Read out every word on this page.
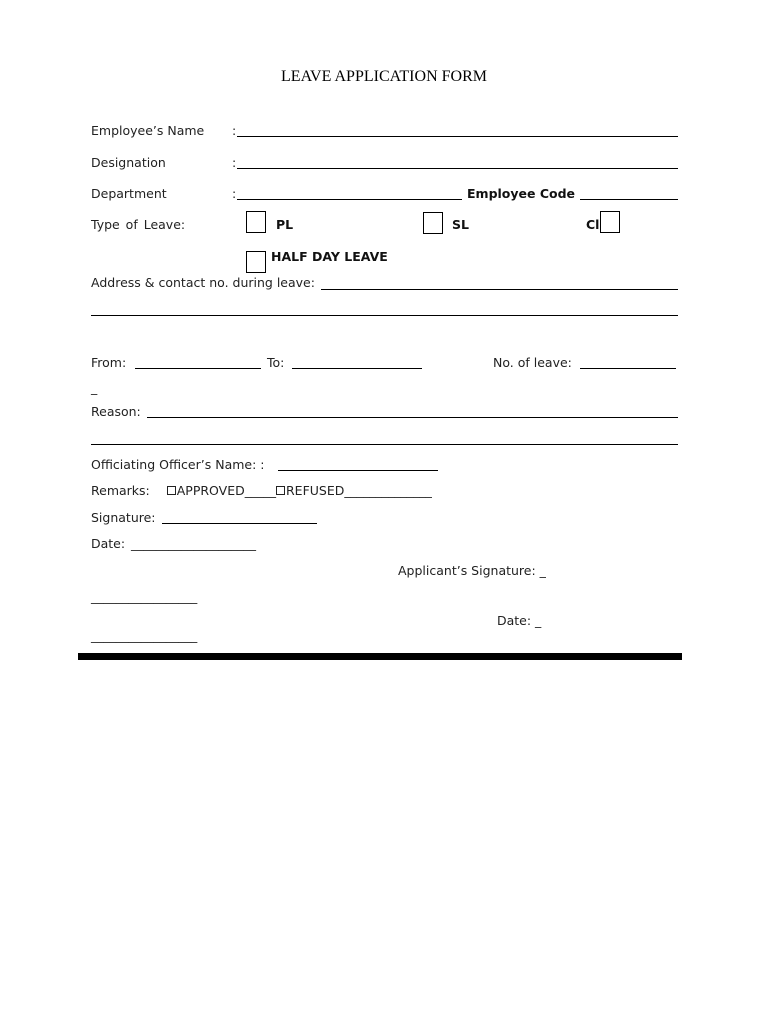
LEAVE APPLICATION FORM
Employee’s Name :
Designation	:
Department	:	Employee Code
Type of Leave:	PL	SL	Cl
HALF DAY LEAVE
Address & contact no. during leave:
From:	To:	No. of leave:
_
Reason:
Officiating Officer’s Name: :
Remarks: APPROVED_____ REFUSED______________
Signature:
Date: ____________________
Applicant’s Signature: _
_________________
Date: _
_________________
